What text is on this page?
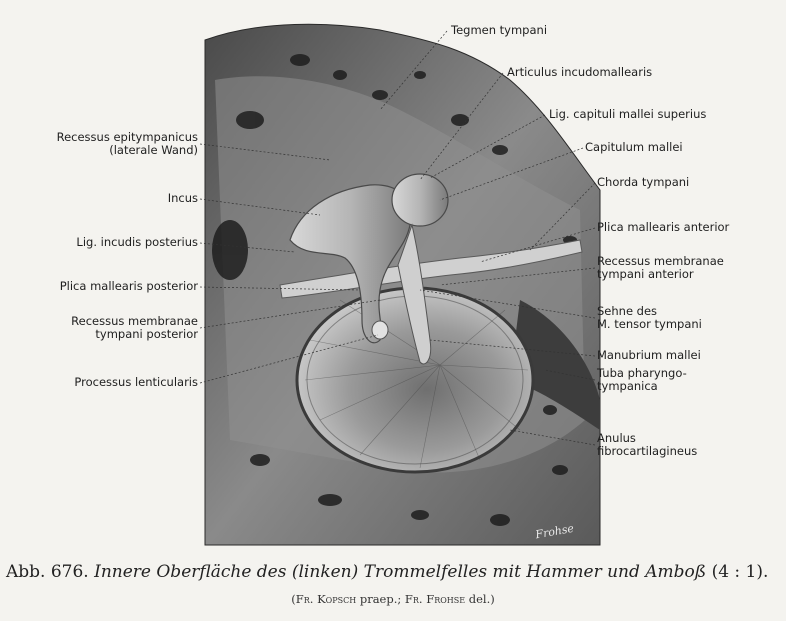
Frohse
Recessus epitympanicus
(laterale Wand)
Incus
Lig. incudis posterius
Plica mallearis posterior
Recessus membranae
tympani posterior
Processus lenticularis
Tegmen tympani
Articulus incudomallearis
Lig. capituli mallei superius
Capitulum mallei
Chorda tympani
Plica mallearis anterior
Recessus membranae
tympani anterior
Sehne des
M. tensor tympani
Manubrium mallei
Tuba pharyngo-
tympanica
Anulus
fibrocartilagineus
Abb. 676. Innere Oberfläche des (linken) Trommelfelles mit Hammer und Amboß (4 : 1).
(Fr. Kopsch praep.; Fr. Frohse del.)
